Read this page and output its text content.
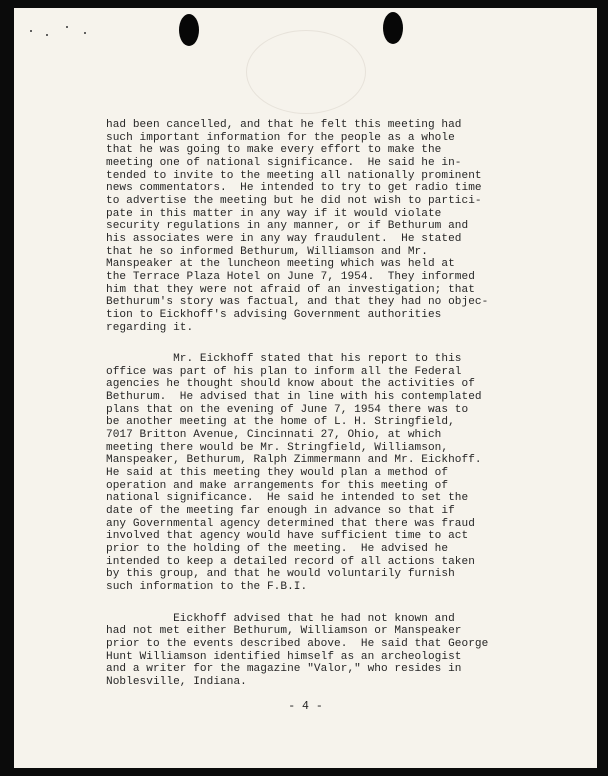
had been cancelled, and that he felt this meeting had
such important information for the people as a whole
that he was going to make every effort to make the
meeting one of national significance.  He said he in-
tended to invite to the meeting all nationally prominent
news commentators.  He intended to try to get radio time
to advertise the meeting but he did not wish to partici-
pate in this matter in any way if it would violate
security regulations in any manner, or if Bethurum and
his associates were in any way fraudulent.  He stated
that he so informed Bethurum, Williamson and Mr.
Manspeaker at the luncheon meeting which was held at
the Terrace Plaza Hotel on June 7, 1954.  They informed
him that they were not afraid of an investigation; that
Bethurum's story was factual, and that they had no objec-
tion to Eickhoff's advising Government authorities
regarding it.
Mr. Eickhoff stated that his report to this
office was part of his plan to inform all the Federal
agencies he thought should know about the activities of
Bethurum.  He advised that in line with his contemplated
plans that on the evening of June 7, 1954 there was to
be another meeting at the home of L. H. Stringfield,
7017 Britton Avenue, Cincinnati 27, Ohio, at which
meeting there would be Mr. Stringfield, Williamson,
Manspeaker, Bethurum, Ralph Zimmermann and Mr. Eickhoff.
He said at this meeting they would plan a method of
operation and make arrangements for this meeting of
national significance.  He said he intended to set the
date of the meeting far enough in advance so that if
any Governmental agency determined that there was fraud
involved that agency would have sufficient time to act
prior to the holding of the meeting.  He advised he
intended to keep a detailed record of all actions taken
by this group, and that he would voluntarily furnish
such information to the F.B.I.
Eickhoff advised that he had not known and
had not met either Bethurum, Williamson or Manspeaker
prior to the events described above.  He said that George
Hunt Williamson identified himself as an archeologist
and a writer for the magazine "Valor," who resides in
Noblesville, Indiana.
- 4 -
